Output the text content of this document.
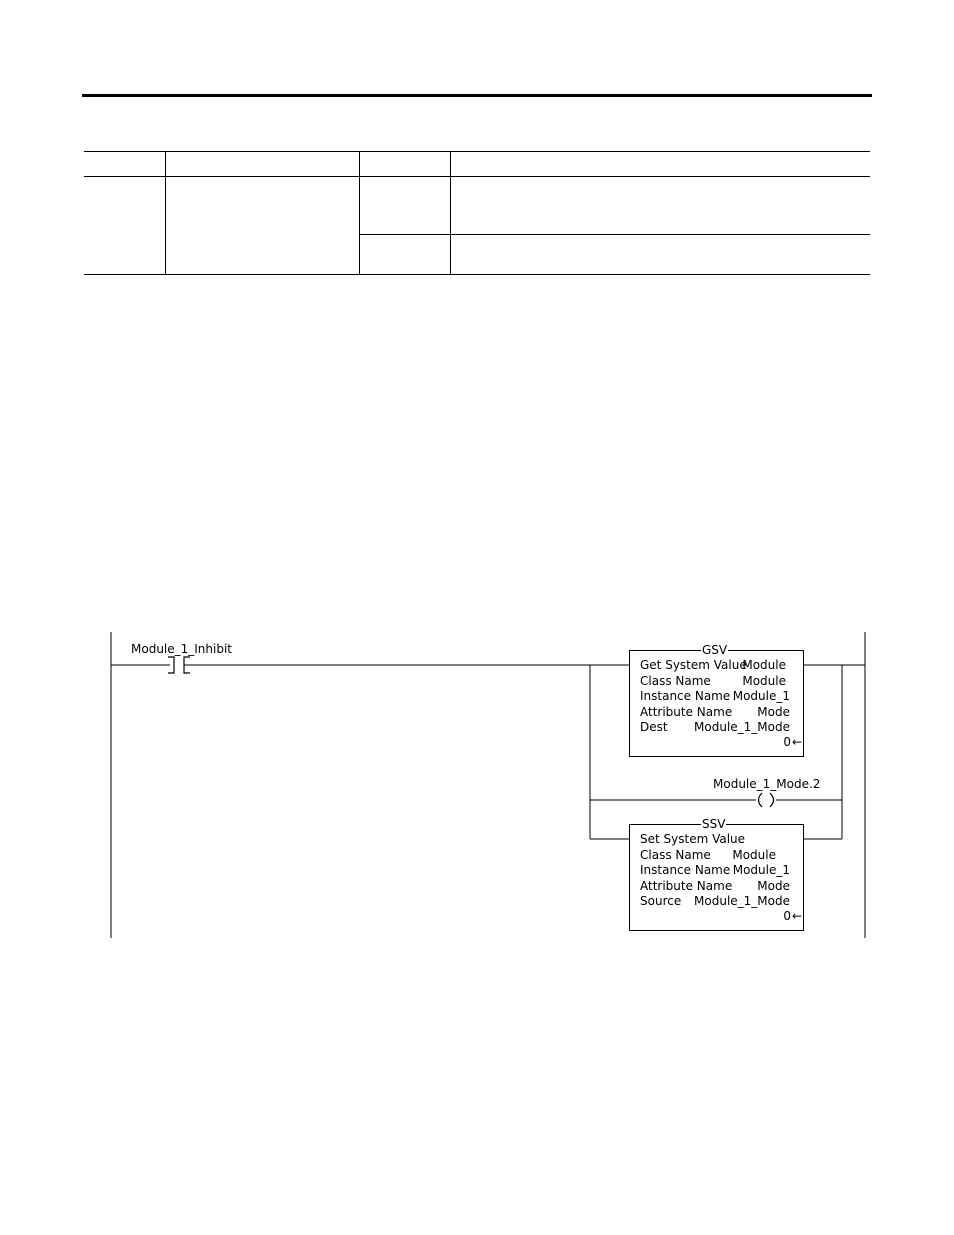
Module_1_Inhibit	GSV
Get System Value
Module
Class Name	Module
Instance Name Module_1
Attribute Name Mode
Dest Module_1_Mode
0 ←
Module_1_Mode.2
SSV
Set System Value
Class Name Module
Instance Name Module_1
Attribute Name Mode
Source Module_1_Mode
0 ←
